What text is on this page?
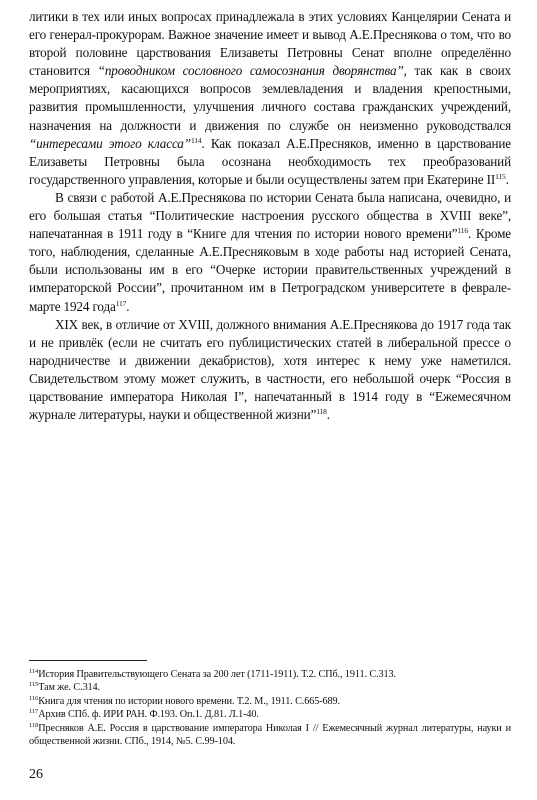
литики в тех или иных вопросах принадлежала в этих условиях Канцелярии Сената и его генерал-прокурорам. Важное значение имеет и вывод А.Е.Преснякова о том, что во второй половине царствования Елизаветы Петровны Сенат вполне определённо становится “проводником сословного самосознания дворянства”, так как в своих мероприятиях, касающихся вопросов землевладения и владения крепостными, развития промышленности, улучшения личного состава гражданских учреждений, назначения на должности и движения по службе он неизменно руководствался “интересами этого класса”$^{114}$. Как показал А.Е.Пресняков, именно в царствование Елизаветы Петровны была осознана необходимость тех преобразований государственного управления, которые и были осуществлены затем при Екатерине II$^{115}$.

В связи с работой А.Е.Преснякова по истории Сената была написана, очевидно, и его большая статья “Политические настроения русского общества в XVIII веке”, напечатанная в 1911 году в “Книге для чтения по истории нового времени”$^{116}$. Кроме того, наблюдения, сделанные А.Е.Пресняковым в ходе работы над историей Сената, были использованы им в его “Очерке истории правительственных учреждений в императорской России”, прочитанном им в Петроградском университете в феврале-марте 1924 года$^{117}$.

XIX век, в отличие от XVIII, должного внимания А.Е.Преснякова до 1917 года так и не привлёк (если не считать его публицистических статей в либеральной прессе о народничестве и движении декабристов), хотя интерес к нему уже наметился. Свидетельством этому может служить, в частности, его небольшой очерк “Россия в царствование императора Николая I”, напечатанный в 1914 году в “Ежемесячном журнале литературы, науки и общественной жизни”$^{118}$.

$^{114}$История Правительствующего Сената за 200 лет (1711-1911). Т.2. СПб., 1911. С.313.

$^{115}$Там же. С.314.

$^{116}$Книга для чтения по истории нового времени. Т.2. М., 1911. С.665-689.

$^{117}$Архив СПб. ф. ИРИ РАН. Ф.193. Оп.1. Д.81. Л.1-40.

$^{118}$Пресняков А.Е. Россия в царствованиe императора Николая I // Ежемесячный журнал литературы, науки и общественной жизни. СПб., 1914, №5. С.99-104.

26
